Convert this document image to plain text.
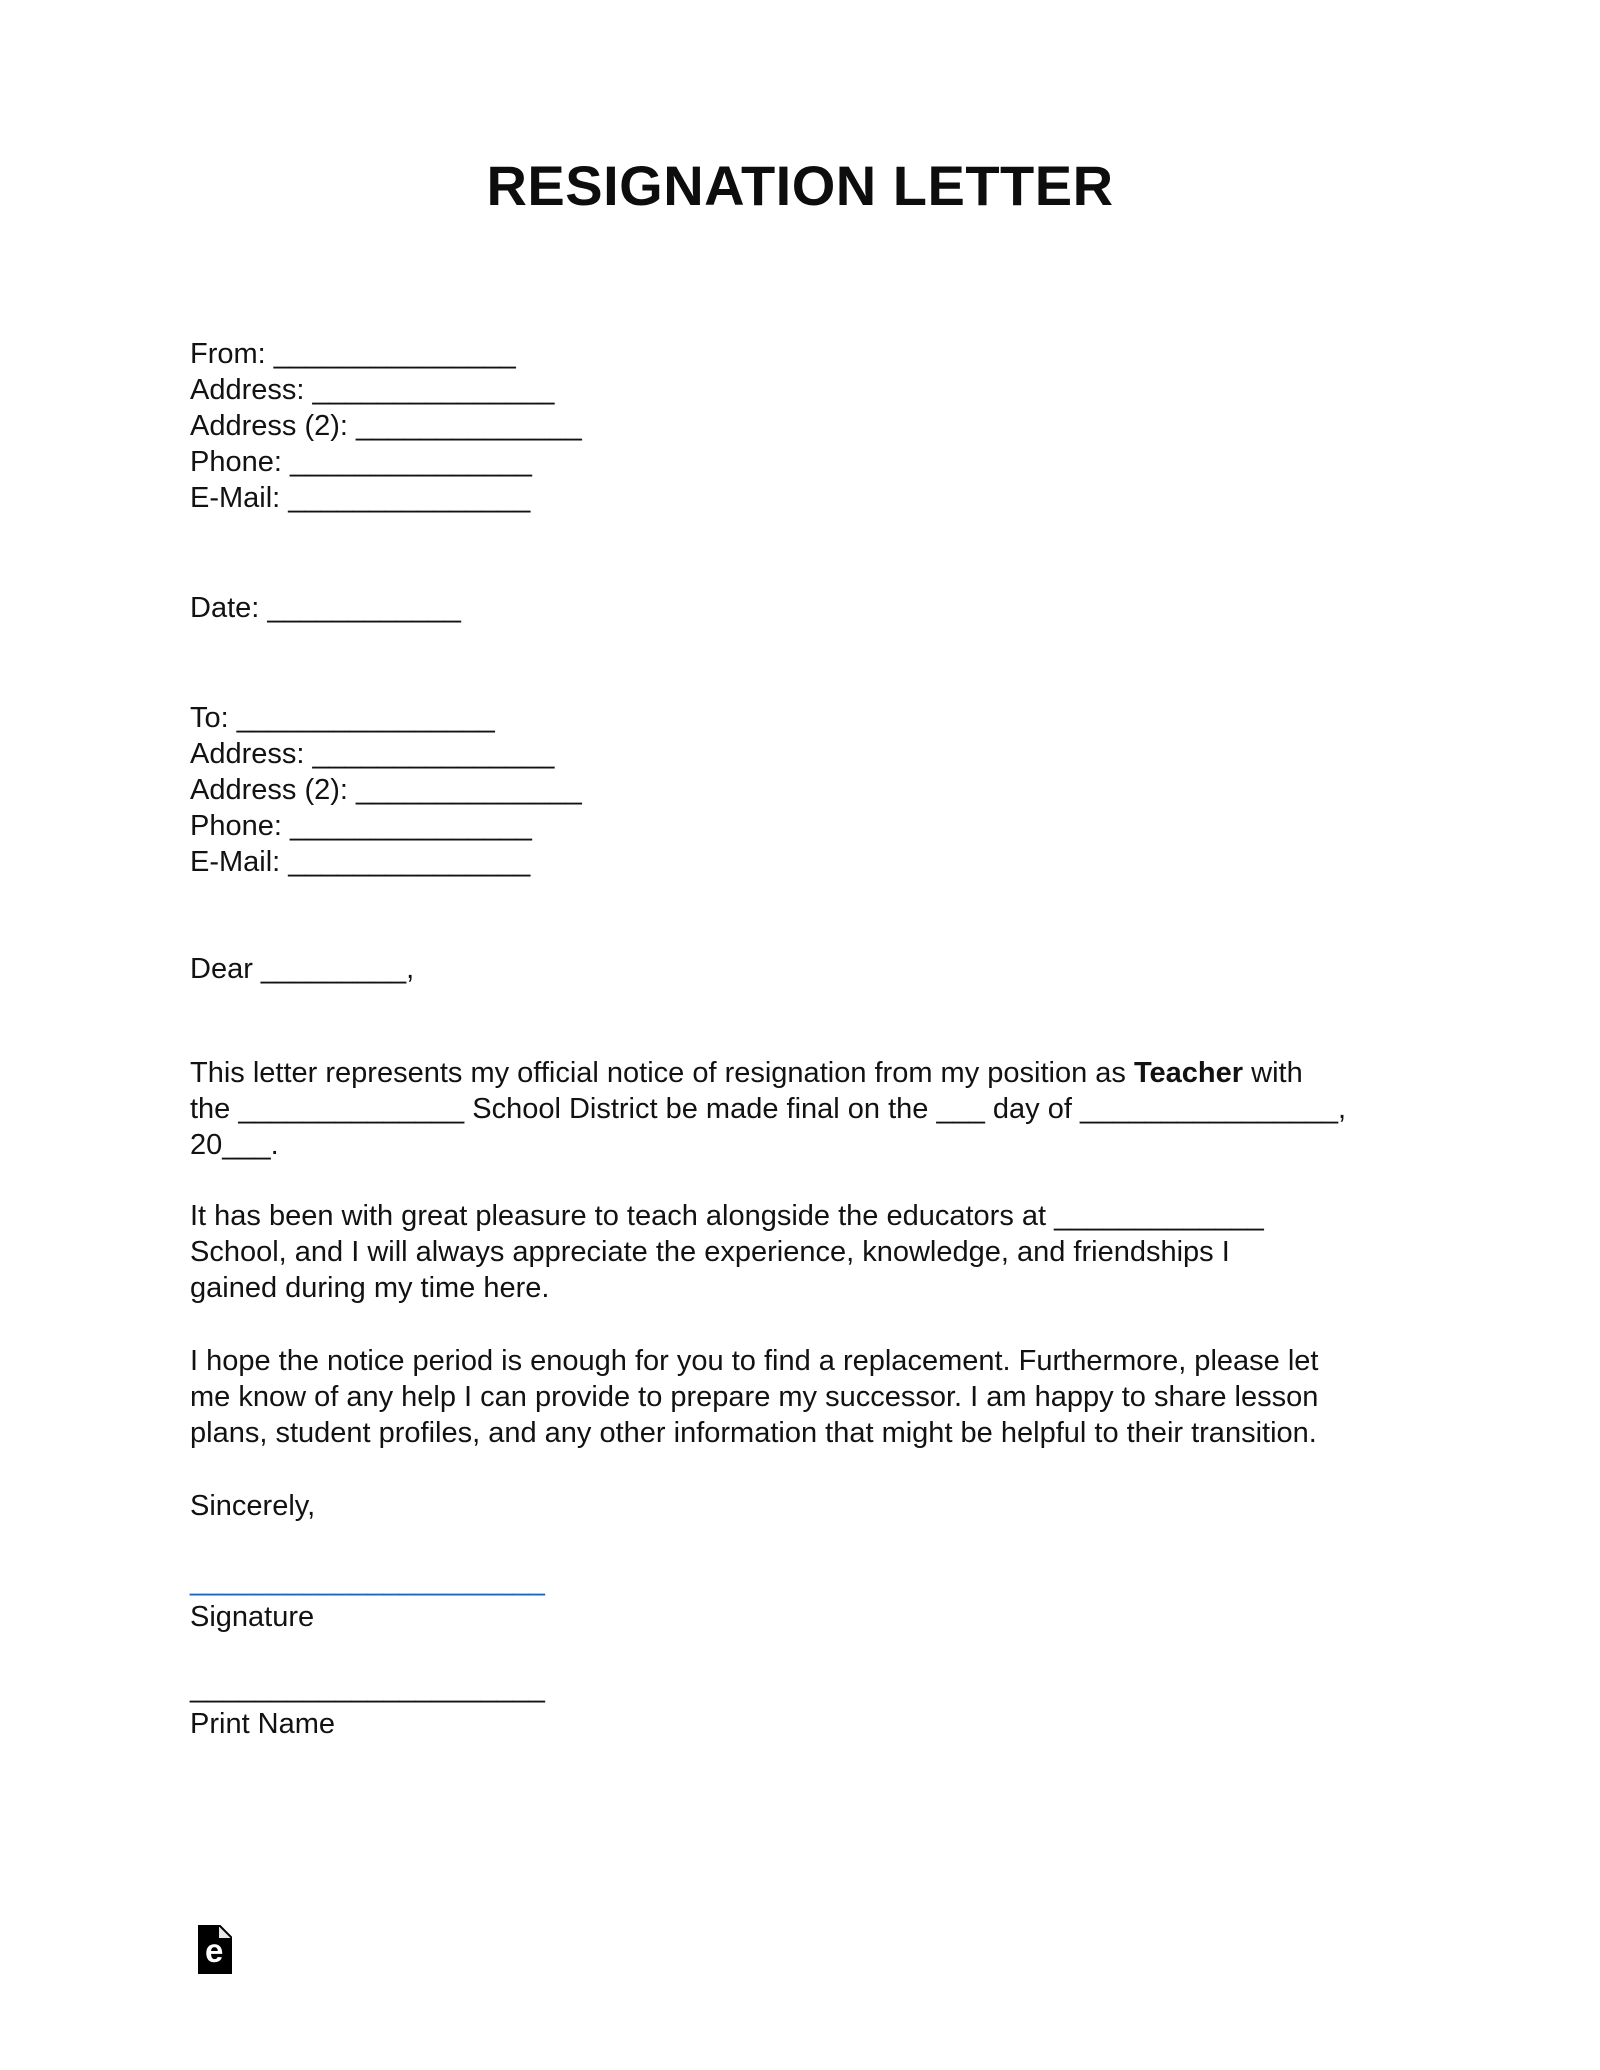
RESIGNATION LETTER
From: _______________
Address: _______________
Address (2): ______________
Phone: _______________
E-Mail: _______________
Date: ____________
To: ________________
Address: _______________
Address (2): ______________
Phone: _______________
E-Mail: _______________
Dear _________,
This letter represents my official notice of resignation from my position as Teacher with
the ______________ School District be made final on the ___ day of ________________,
20___.
It has been with great pleasure to teach alongside the educators at _____________
School, and I will always appreciate the experience, knowledge, and friendships I
gained during my time here.
I hope the notice period is enough for you to find a replacement. Furthermore, please let
me know of any help I can provide to prepare my successor. I am happy to share lesson
plans, student profiles, and any other information that might be helpful to their transition.
Sincerely,
______________________
Signature
______________________
Print Name
e
